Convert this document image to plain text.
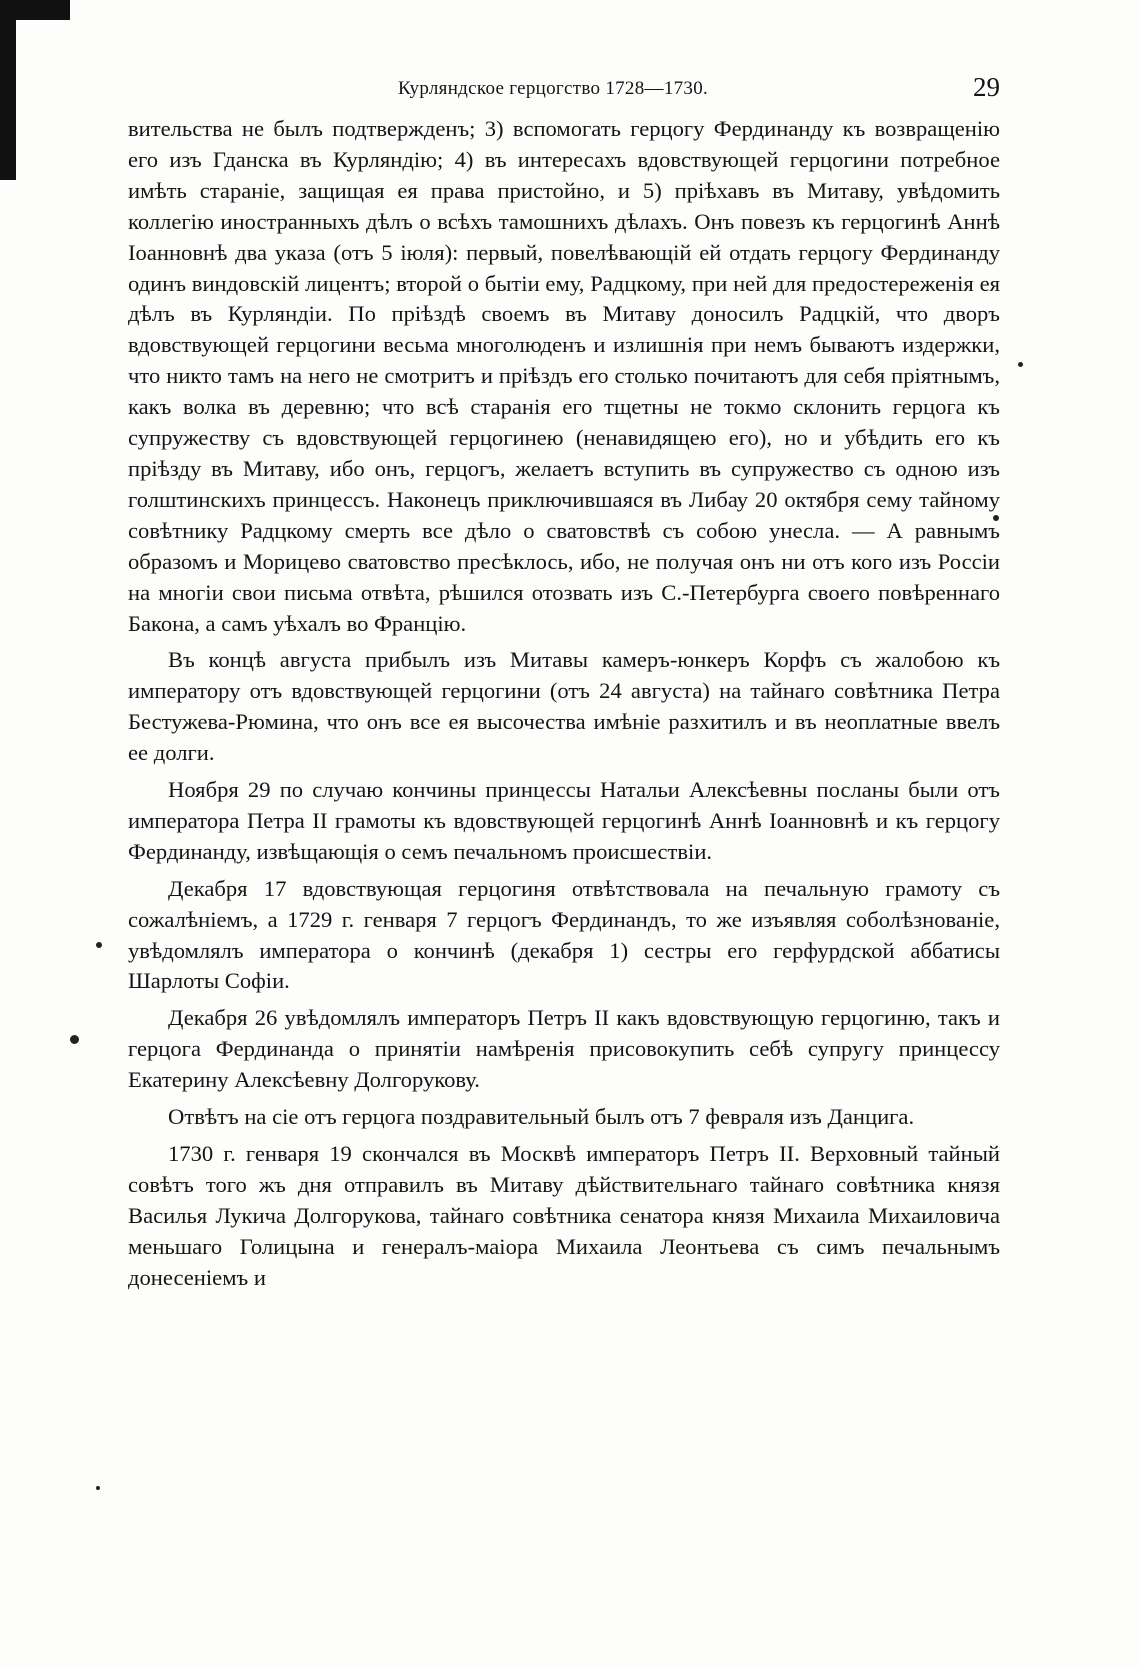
Курляндское герцогство 1728—1730.	29

вительства не былъ подтвержденъ; 3) вспомогать герцогу Фердинанду къ возвращенію его изъ Гданска въ Курляндію; 4) въ интересахъ вдовствующей герцогини потребное имѣть стараніе, защищая ея права пристойно, и 5) пріѣхавъ въ Митаву, увѣдомить коллегію иностранныхъ дѣлъ о всѣхъ тамошнихъ дѣлахъ. Онъ повезъ къ герцогинѣ Аннѣ Іоанновнѣ два указа (отъ 5 іюля): первый, повелѣвающій ей отдать герцогу Фердинанду одинъ виндовскій лицентъ; второй о бытіи ему, Радцкому, при ней для предостереженія ея дѣлъ въ Курляндіи. По пріѣздѣ своемъ въ Митаву доносилъ Радцкій, что дворъ вдовствующей герцогини весьма многолюденъ и излишнія при немъ бываютъ издержки, что никто тамъ на него не смотритъ и пріѣздъ его столько почитаютъ для себя пріятнымъ, какъ волка въ деревню; что всѣ старанія его тщетны не токмо склонить герцога къ супружеству съ вдовствующей герцогинею (ненавидящею его), но и убѣдить его къ пріѣзду въ Митаву, ибо онъ, герцогъ, желаетъ вступить въ супружество съ одною изъ голштинскихъ принцессъ. Наконецъ приключившаяся въ Либау 20 октября сему тайному совѣтнику Радцкому смерть все дѣло о сватовствѣ съ собою унесла. — А равнымъ образомъ и Морицево сватовство пресѣклось, ибо, не получая онъ ни отъ кого изъ Россіи на многіи свои письма отвѣта, рѣшился отозвать изъ С.-Петербурга своего повѣреннаго Бакона, а самъ уѣхалъ во Францію.

Въ концѣ августа прибылъ изъ Митавы камеръ-юнкеръ Корфъ съ жалобою къ императору отъ вдовствующей герцогини (отъ 24 августа) на тайнаго совѣтника Петра Бестужева-Рюмина, что онъ все ея высочества имѣніе разхитилъ и въ неоплатные ввелъ ее долги.

Ноября 29 по случаю кончины принцессы Натальи Алексѣевны посланы были отъ императора Петра II грамоты къ вдовствующей герцогинѣ Аннѣ Іоанновнѣ и къ герцогу Фердинанду, извѣщающія о семъ печальномъ происшествіи.

Декабря 17 вдовствующая герцогиня отвѣтствовала на печальную грамоту съ сожалѣніемъ, а 1729 г. генваря 7 герцогъ Фердинандъ, то же изъявляя соболѣзнованіе, увѣдомлялъ императора о кончинѣ (декабря 1) сестры его герфурдской аббатисы Шарлоты Софіи.

Декабря 26 увѣдомлялъ императоръ Петръ II какъ вдовствующую герцогиню, такъ и герцога Фердинанда о принятіи намѣренія присовокупить себѣ супругу принцессу Екатерину Алексѣевну Долгорукову.

Отвѣтъ на сіе отъ герцога поздравительный былъ отъ 7 февраля изъ Данцига.

1730 г. генваря 19 скончался въ Москвѣ императоръ Петръ II. Верховный тайный совѣтъ того жъ дня отправилъ въ Митаву дѣйствительнаго тайнаго совѣтника князя Василья Лукича Долгорукова, тайнаго совѣтника сенатора князя Михаила Михаиловича меньшаго Голицына и генералъ-маіора Михаила Леонтьева съ симъ печальнымъ донесеніемъ и
